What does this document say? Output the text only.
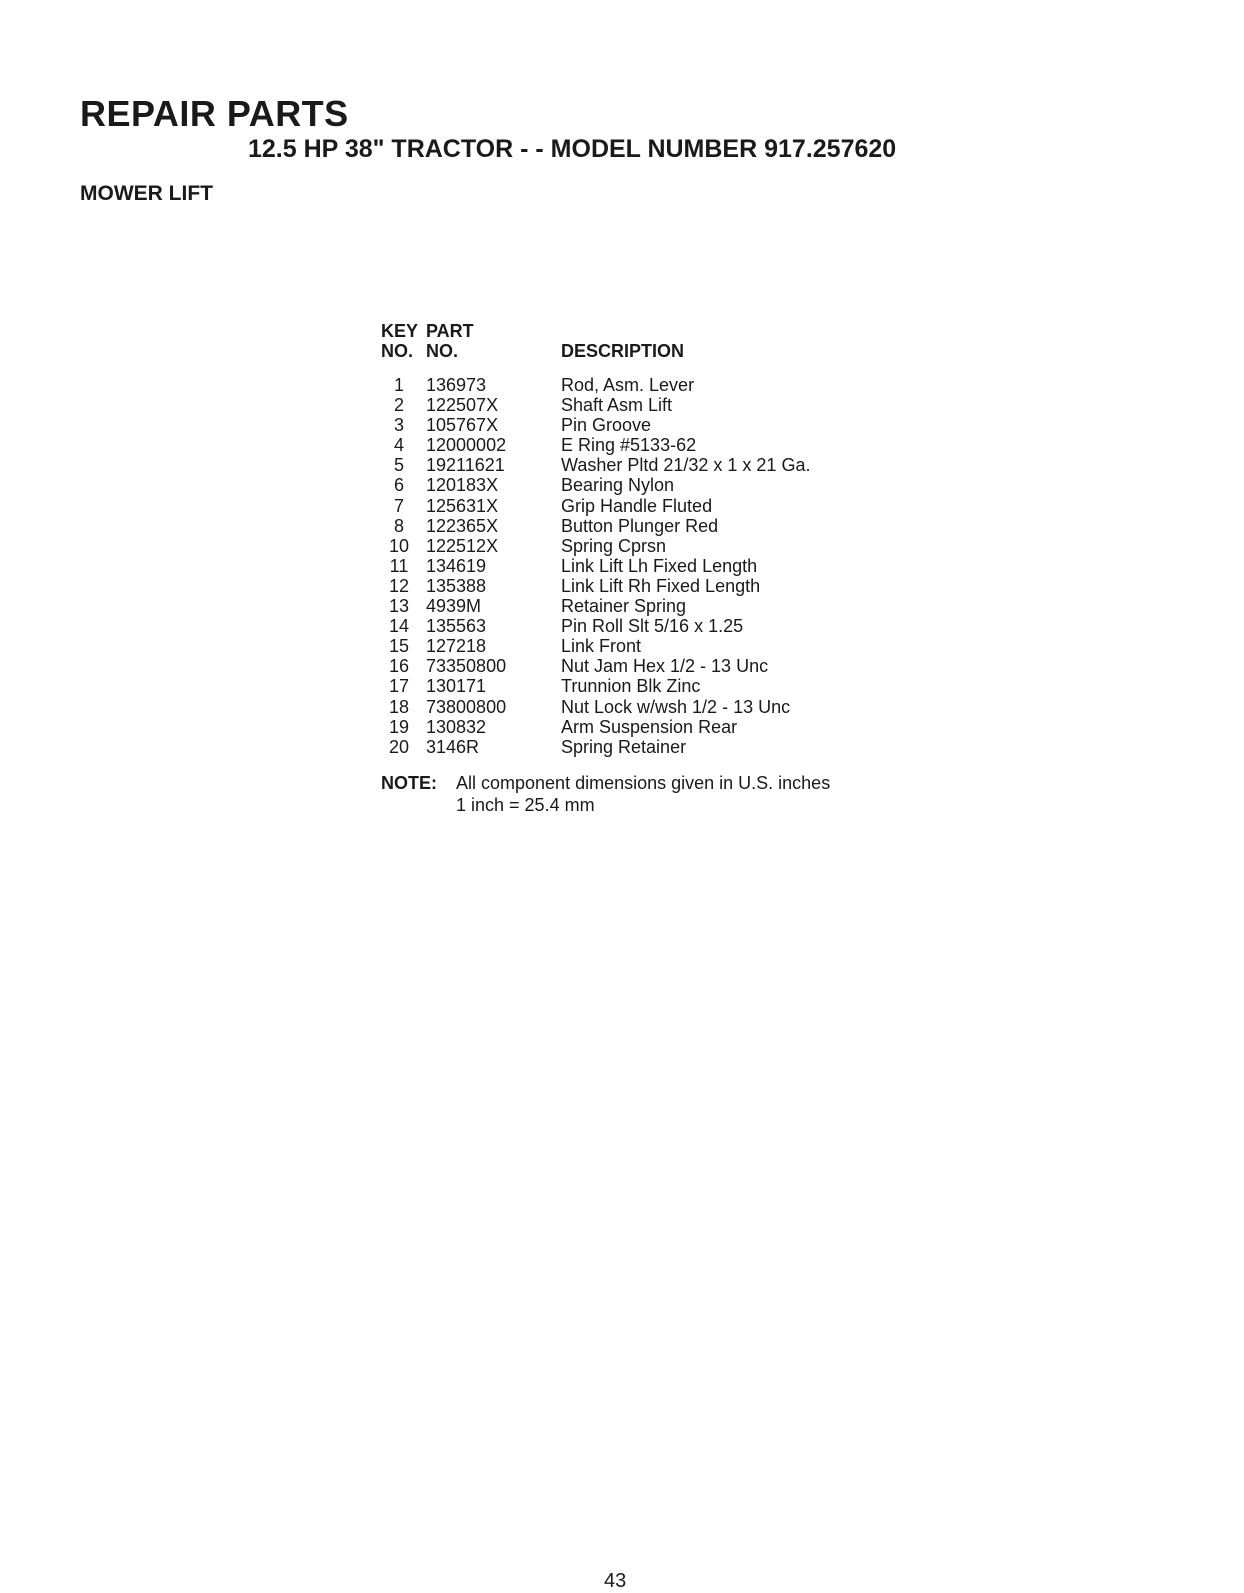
REPAIR PARTS
12.5 HP 38" TRACTOR - - MODEL NUMBER 917.257620
MOWER LIFT
KEY
NO.
PART
NO.	DESCRIPTION
1	136973	Rod, Asm. Lever
2	122507X	Shaft Asm Lift
3	105767X	Pin Groove
4	12000002	E Ring #5133-62
5	19211621	Washer Pltd 21/32 x 1 x 21 Ga.
6	120183X	Bearing Nylon
7	125631X	Grip Handle Fluted
8	122365X	Button Plunger Red
10 122512X	Spring Cprsn
11 134619	Link Lift Lh Fixed Length
12 135388	Link Lift Rh Fixed Length
13 4939M	Retainer Spring
14 135563	Pin Roll Slt 5/16 x 1.25
15 127218	Link Front
16 73350800	Nut Jam Hex 1/2 - 13 Unc
17 130171	Trunnion Blk Zinc
18 73800800	Nut Lock w/wsh 1/2 - 13 Unc
19 130832	Arm Suspension Rear
20 3146R	Spring Retainer
NOTE: All component dimensions given in U.S. inches
1 inch = 25.4 mm
43
